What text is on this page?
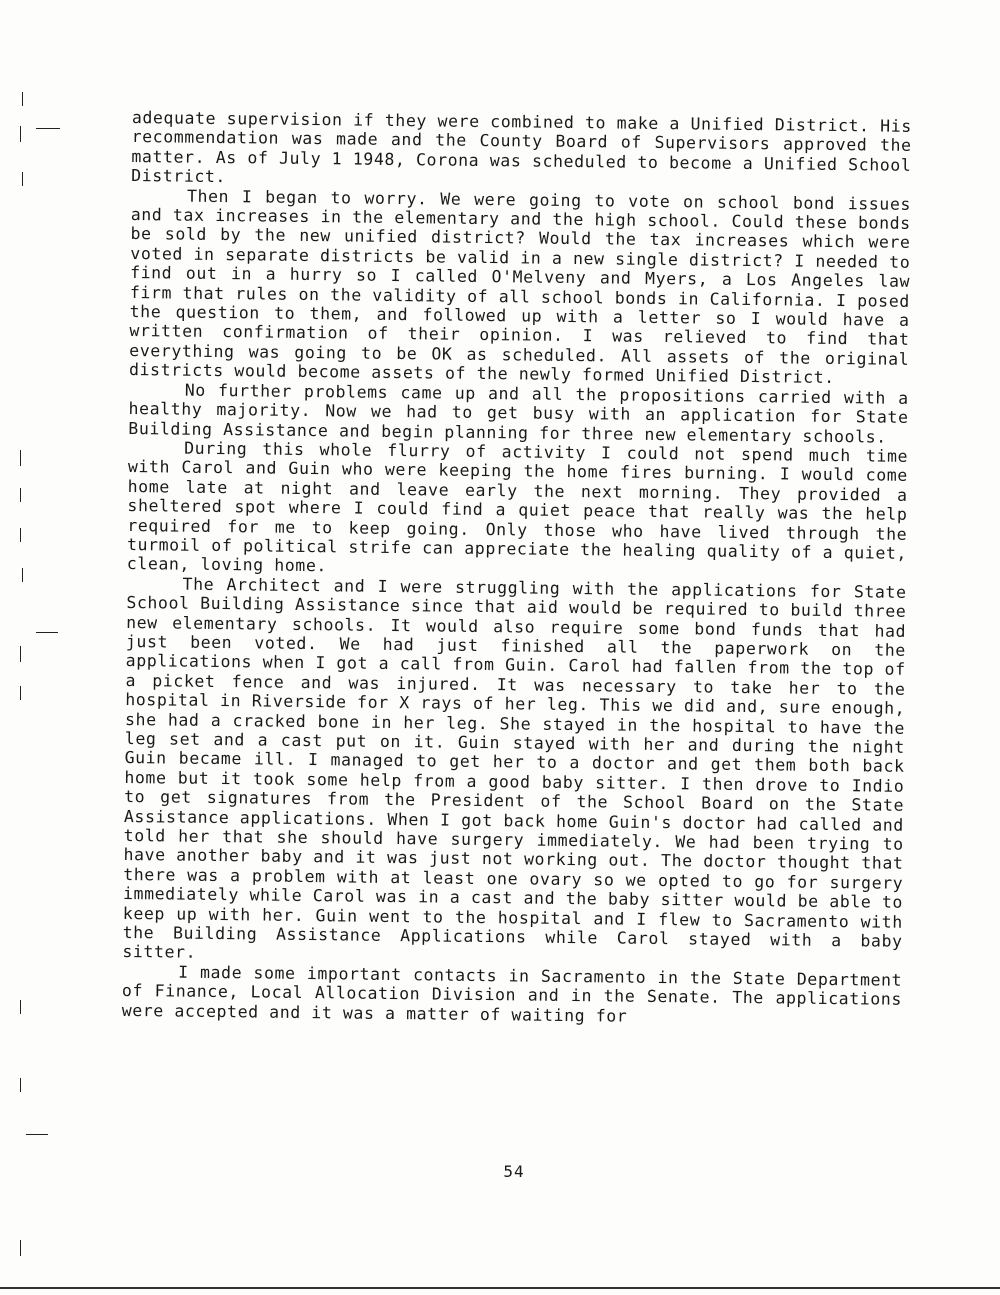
adequate supervision if they were combined to make a Unified District. His recommendation was made and the County Board of Supervisors approved the matter. As of July 1 1948, Corona was scheduled to become a Unified School District.

Then I began to worry. We were going to vote on school bond issues and tax increases in the elementary and the high school. Could these bonds be sold by the new unified district? Would the tax increases which were voted in separate districts be valid in a new single district? I needed to find out in a hurry so I called O'Melveny and Myers, a Los Angeles law firm that rules on the validity of all school bonds in California. I posed the question to them, and followed up with a letter so I would have a written confirmation of their opinion. I was relieved to find that everything was going to be OK as scheduled. All assets of the original districts would become assets of the newly formed Unified District.

No further problems came up and all the propositions carried with a healthy majority. Now we had to get busy with an application for State Building Assistance and begin planning for three new elementary schools.

During this whole flurry of activity I could not spend much time with Carol and Guin who were keeping the home fires burning. I would come home late at night and leave early the next morning. They provided a sheltered spot where I could find a quiet peace that really was the help required for me to keep going. Only those who have lived through the turmoil of political strife can appreciate the healing quality of a quiet, clean, loving home.

The Architect and I were struggling with the applications for State School Building Assistance since that aid would be required to build three new elementary schools. It would also require some bond funds that had just been voted. We had just finished all the paperwork on the applications when I got a call from Guin. Carol had fallen from the top of a picket fence and was injured. It was necessary to take her to the hospital in Riverside for X rays of her leg. This we did and, sure enough, she had a cracked bone in her leg. She stayed in the hospital to have the leg set and a cast put on it. Guin stayed with her and during the night Guin became ill. I managed to get her to a doctor and get them both back home but it took some help from a good baby sitter. I then drove to Indio to get signatures from the President of the School Board on the State Assistance applications. When I got back home Guin's doctor had called and told her that she should have surgery immediately. We had been trying to have another baby and it was just not working out. The doctor thought that there was a problem with at least one ovary so we opted to go for surgery immediately while Carol was in a cast and the baby sitter would be able to keep up with her. Guin went to the hospital and I flew to Sacramento with the Building Assistance Applications while Carol stayed with a baby sitter.

I made some important contacts in Sacramento in the State Department of Finance, Local Allocation Division and in the Senate. The applications were accepted and it was a matter of waiting for

54
